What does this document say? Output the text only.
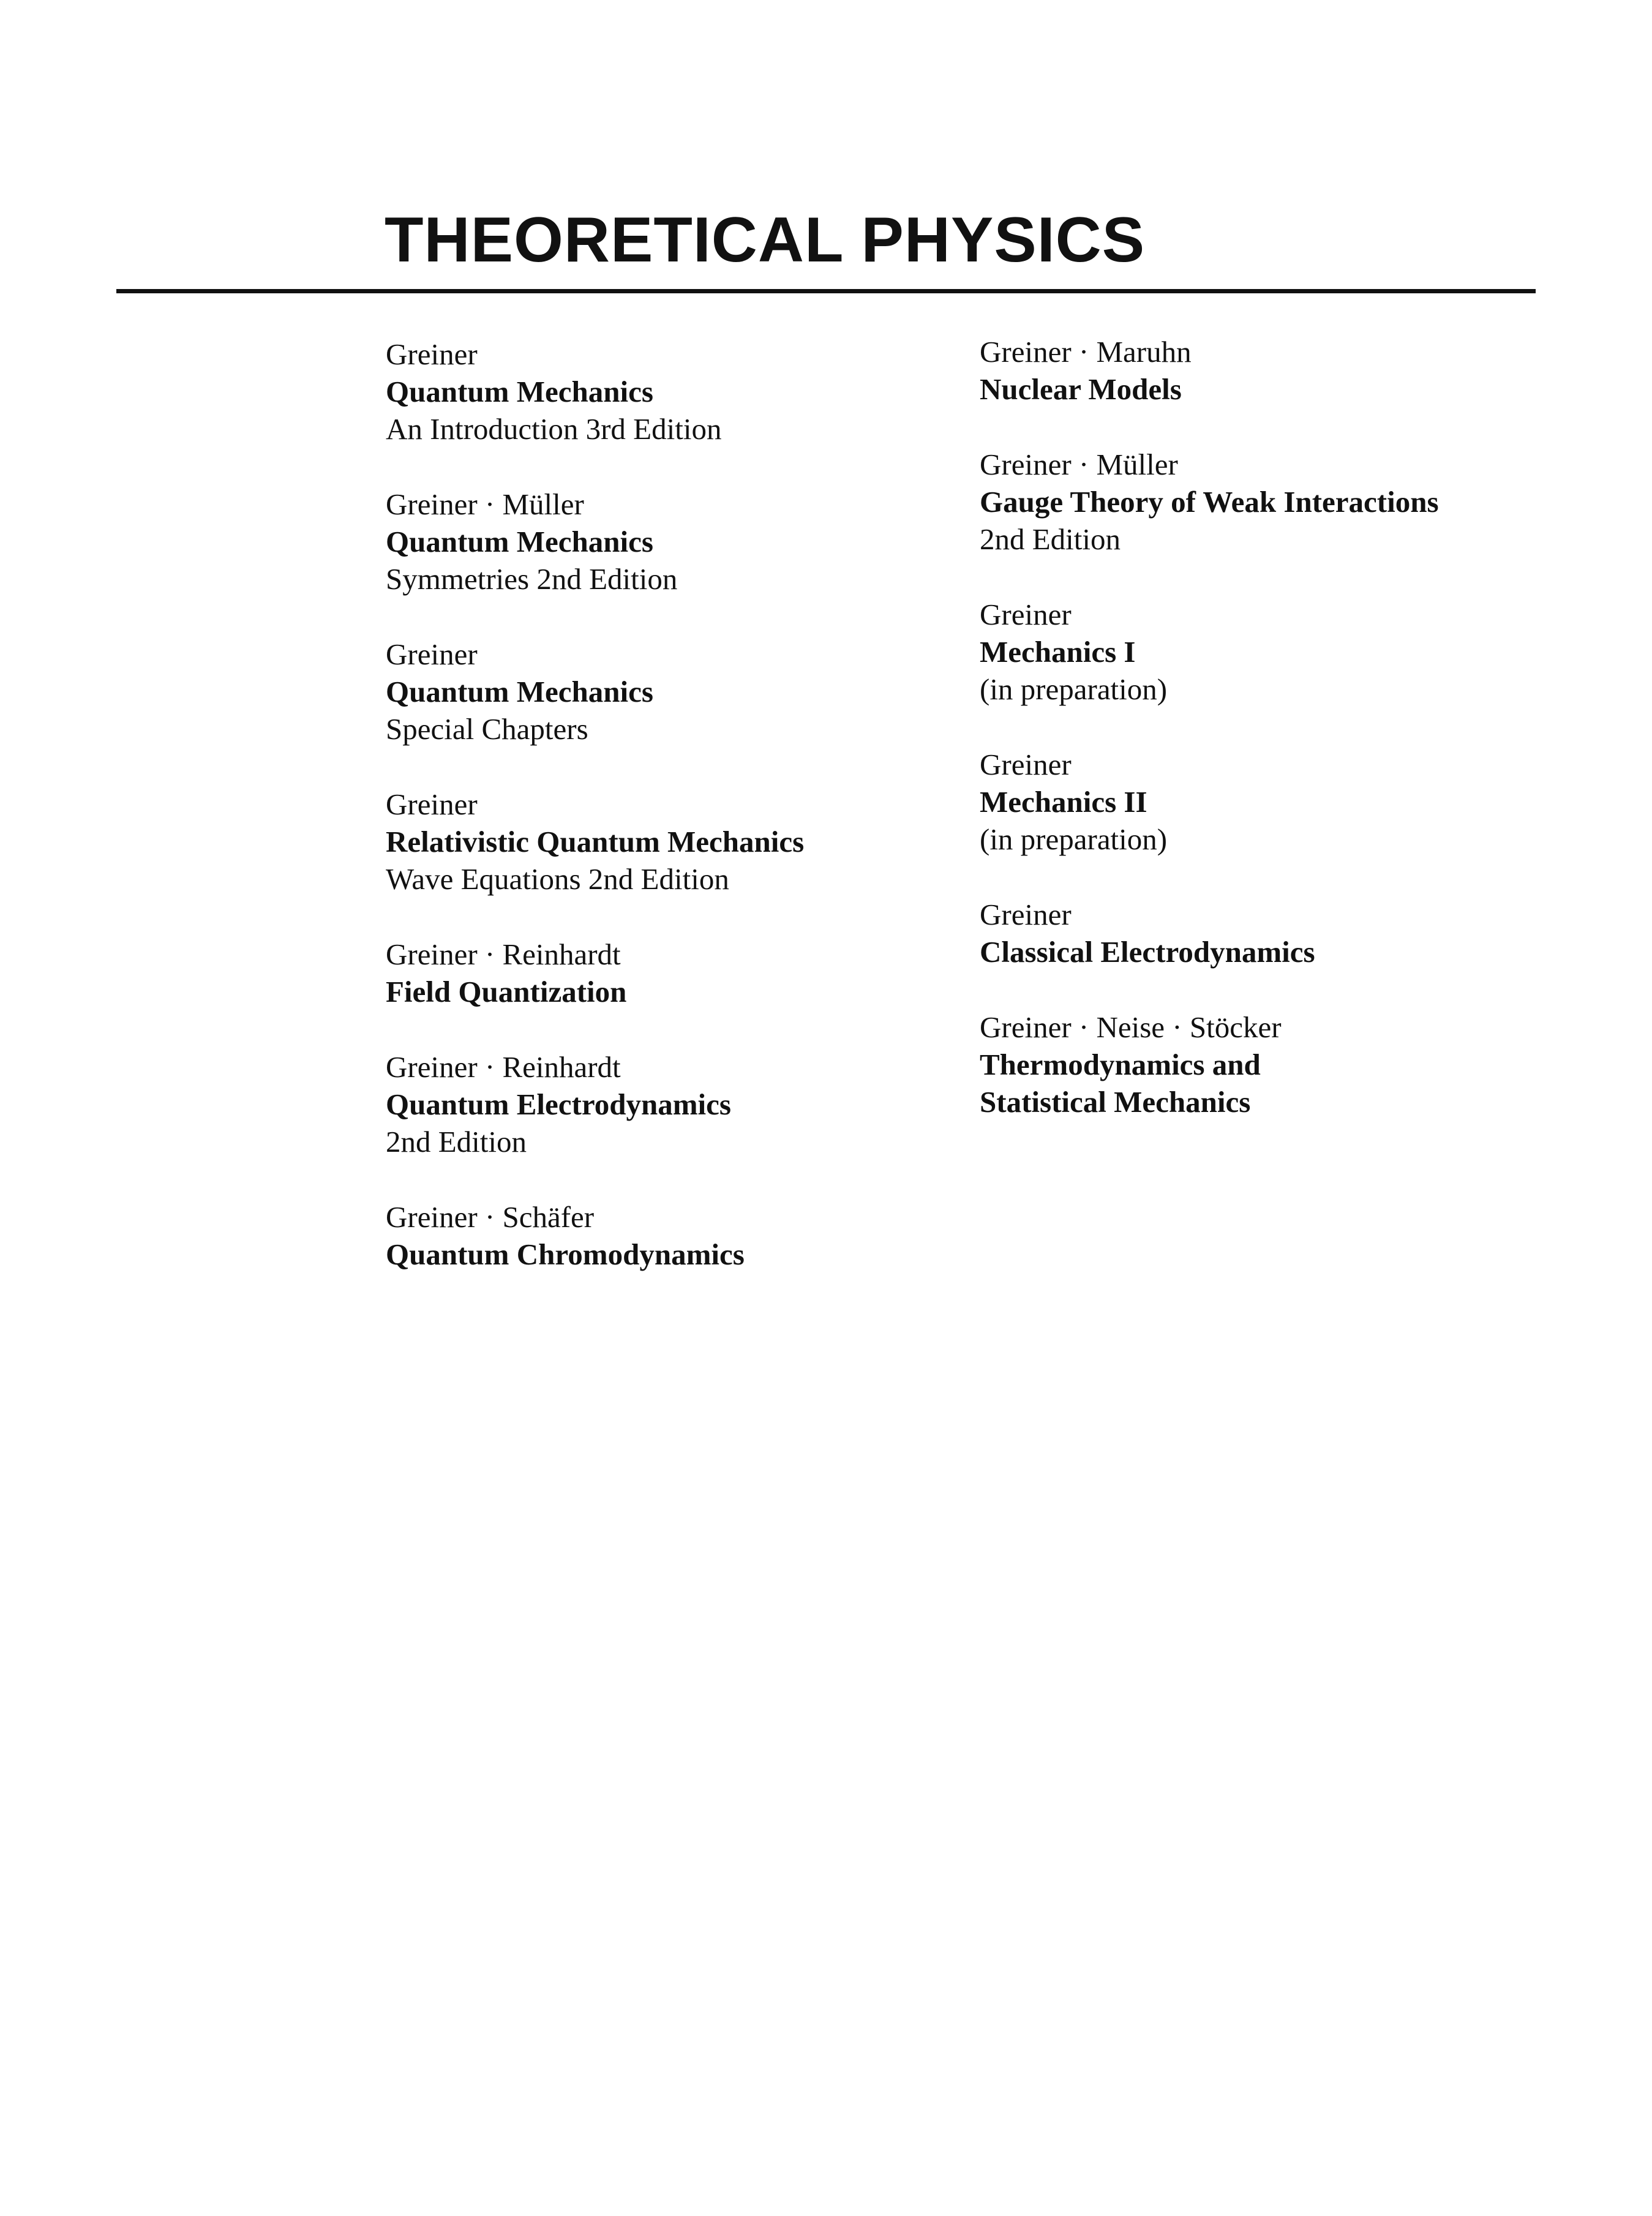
THEORETICAL PHYSICS
Greiner
Quantum Mechanics
An Introduction 3rd Edition
Greiner · Müller
Quantum Mechanics
Symmetries 2nd Edition
Greiner
Quantum Mechanics
Special Chapters
Greiner
Relativistic Quantum Mechanics
Wave Equations 2nd Edition
Greiner · Reinhardt
Field Quantization
Greiner · Reinhardt
Quantum Electrodynamics
2nd Edition
Greiner · Schäfer
Quantum Chromodynamics
Greiner · Maruhn
Nuclear Models
Greiner · Müller
Gauge Theory of Weak Interactions
2nd Edition
Greiner
Mechanics I
(in preparation)
Greiner
Mechanics II
(in preparation)
Greiner
Classical Electrodynamics
Greiner · Neise · Stöcker
Thermodynamics and
Statistical Mechanics
